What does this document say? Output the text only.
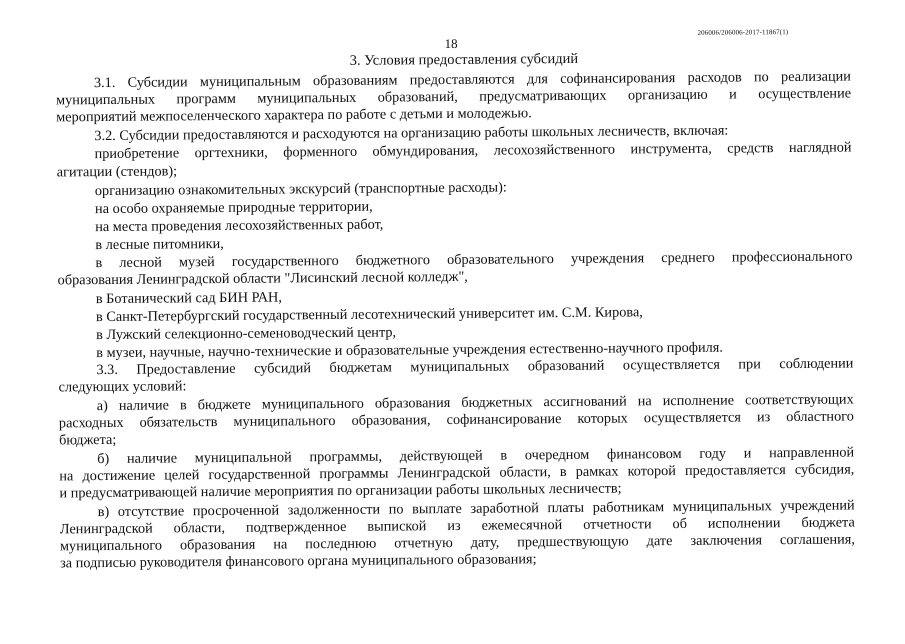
206006/206006-2017-11867(1)
18
3. Условия предоставления субсидий
3.1. Субсидии муниципальным образованиям предоставляются для софинансирования расходов по реализации
муниципальных программ муниципальных образований, предусматривающих организацию и осуществление
мероприятий межпоселенческого характера по работе с детьми и молодежью.
3.2. Субсидии предоставляются и расходуются на организацию работы школьных лесничеств, включая:
приобретение оргтехники, форменного обмундирования, лесохозяйственного инструмента, средств наглядной
агитации (стендов);
организацию ознакомительных экскурсий (транспортные расходы):
на особо охраняемые природные территории,
на места проведения лесохозяйственных работ,
в лесные питомники,
в лесной музей государственного бюджетного образовательного учреждения среднего профессионального
образования Ленинградской области "Лисинский лесной колледж",
в Ботанический сад БИН РАН,
в Санкт-Петербургский государственный лесотехнический университет им. С.М. Кирова,
в Лужский селекционно-семеноводческий центр,
в музеи, научные, научно-технические и образовательные учреждения естественно-научного профиля.
3.3. Предоставление субсидий бюджетам муниципальных образований осуществляется при соблюдении
следующих условий:
а) наличие в бюджете муниципального образования бюджетных ассигнований на исполнение соответствующих
расходных обязательств муниципального образования, софинансирование которых осуществляется из областного
бюджета;
б) наличие муниципальной программы, действующей в очередном финансовом году и направленной
на достижение целей государственной программы Ленинградской области, в рамках которой предоставляется субсидия,
и предусматривающей наличие мероприятия по организации работы школьных лесничеств;
в) отсутствие просроченной задолженности по выплате заработной платы работникам муниципальных учреждений
Ленинградской области, подтвержденное выпиской из ежемесячной отчетности об исполнении бюджета
муниципального образования на последнюю отчетную дату, предшествующую дате заключения соглашения,
за подписью руководителя финансового органа муниципального образования;
